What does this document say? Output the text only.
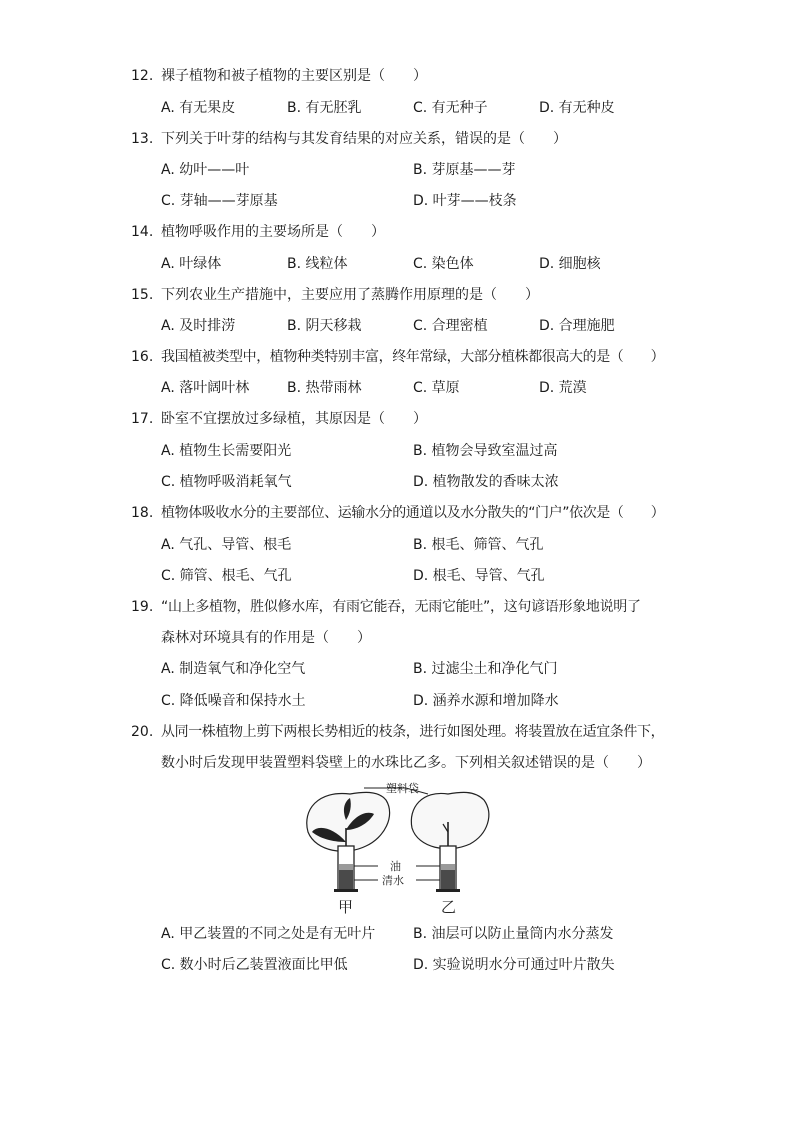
12. 裸子植物和被子植物的主要区别是（　　）
A. 有无果皮	B. 有无胚乳	C. 有无种子	D. 有无种皮
13. 下列关于叶芽的结构与其发育结果的对应关系，错误的是（　　）
A. 幼叶——叶	B. 芽原基——芽
C. 芽轴——芽原基	D. 叶芽——枝条
14. 植物呼吸作用的主要场所是（　　）
A. 叶绿体	B. 线粒体	C. 染色体	D. 细胞核
15. 下列农业生产措施中，主要应用了蒸腾作用原理的是（　　）
A. 及时排涝	B. 阴天移栽	C. 合理密植	D. 合理施肥
16. 我国植被类型中，植物种类特别丰富，终年常绿，大部分植株都很高大的是（　　）
A. 落叶阔叶林	B. 热带雨林	C. 草原	D. 荒漠
17. 卧室不宜摆放过多绿植，其原因是（　　）
A. 植物生长需要阳光	B. 植物会导致室温过高
C. 植物呼吸消耗氧气	D. 植物散发的香味太浓
18. 植物体吸收水分的主要部位、运输水分的通道以及水分散失的“门户”依次是（　　）
A. 气孔、导管、根毛	B. 根毛、筛管、气孔
C. 筛管、根毛、气孔	D. 根毛、导管、气孔
19. “山上多植物，胜似修水库，有雨它能吞，无雨它能吐”，这句谚语形象地说明了
森林对环境具有的作用是（　　）
A. 制造氧气和净化空气	B. 过滤尘土和净化气门
C. 降低噪音和保持水土	D. 涵养水源和增加降水
20. 从同一株植物上剪下两根长势相近的枝条，进行如图处理。将装置放在适宜条件下，
数小时后发现甲装置塑料袋壁上的水珠比乙多。下列相关叙述错误的是（　　）
塑料袋
油
清水
甲	乙
A. 甲乙装置的不同之处是有无叶片	B. 油层可以防止量筒内水分蒸发
C. 数小时后乙装置液面比甲低	D. 实验说明水分可通过叶片散失
